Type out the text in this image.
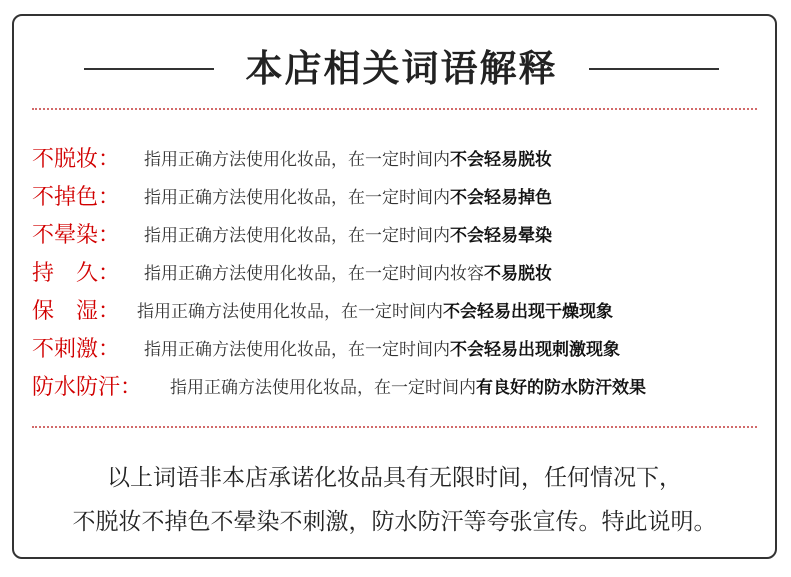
本店相关词语解释
不脱妆： 指用正确方法使用化妆品，在一定时间内不会轻易脱妆
不掉色： 指用正确方法使用化妆品，在一定时间内不会轻易掉色
不晕染： 指用正确方法使用化妆品，在一定时间内不会轻易晕染
持　久： 指用正确方法使用化妆品，在一定时间内妆容不易脱妆
保　湿： 指用正确方法使用化妆品，在一定时间内不会轻易出现干燥现象
不刺激： 指用正确方法使用化妆品，在一定时间内不会轻易出现刺激现象
防水防汗： 指用正确方法使用化妆品，在一定时间内有良好的防水防汗效果
以上词语非本店承诺化妆品具有无限时间，任何情况下，
不脱妆不掉色不晕染不刺激，防水防汗等夸张宣传。特此说明。
